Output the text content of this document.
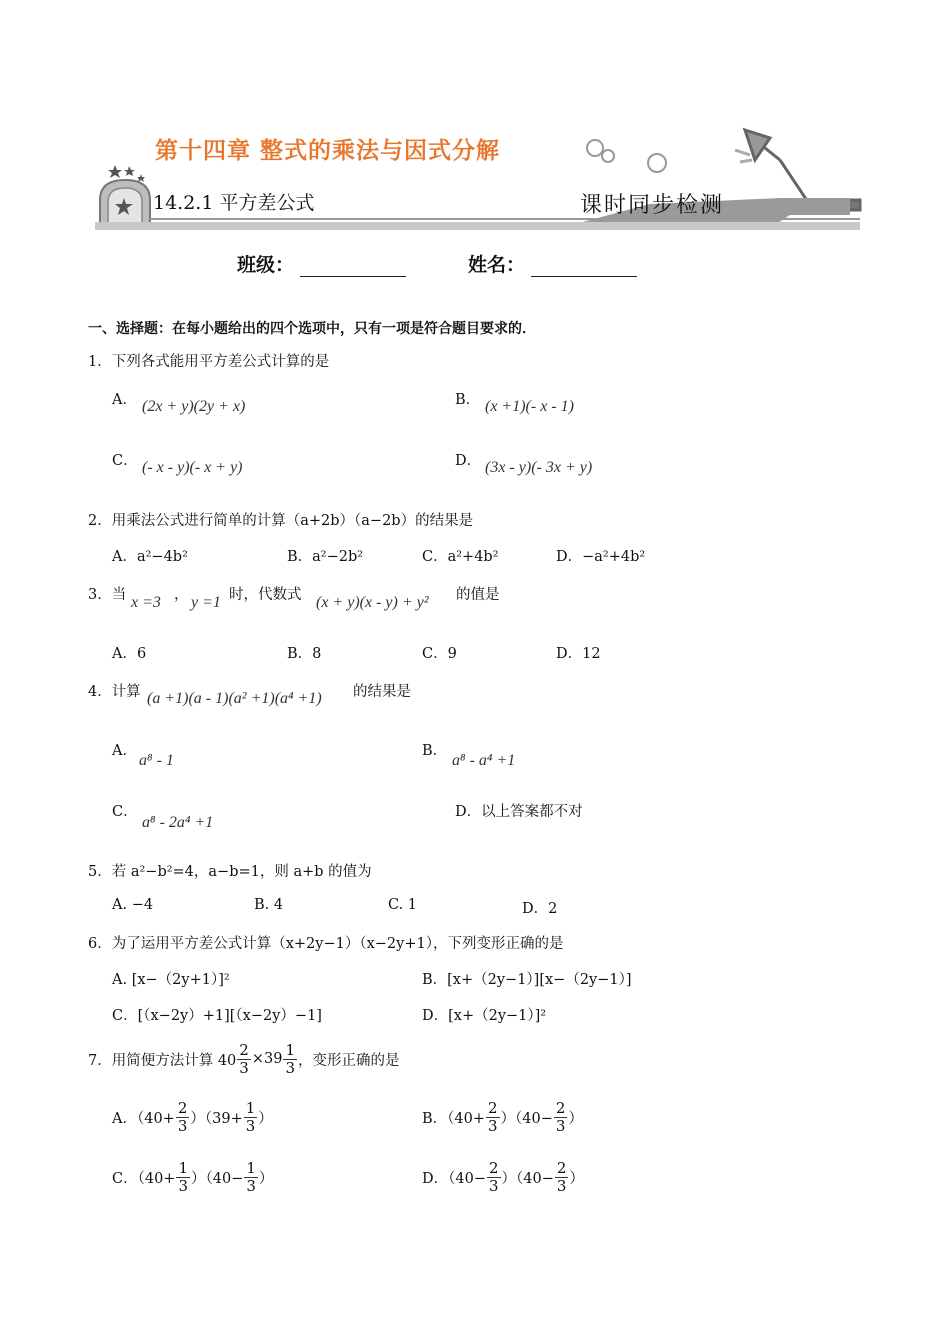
第十四章 整式的乘法与因式分解
14.2.1 平方差公式	课时同步检测
班级：	姓名：
一、选择题：在每小题给出的四个选项中，只有一项是符合题目要求的．
1．下列各式能用平方差公式计算的是
A． (2x + y)(2y + x)	B． (x +1)(- x - 1)
C． (- x - y)(- x + y)	D． (3x - y)(- 3x + y)
2．用乘法公式进行简单的计算（a+2b）（a−2b）的结果是
A．a²−4b²	B．a²−2b²	C．a²+4b²	D．−a²+4b²
3．当 x =3 ， y =1 时，代数式 (x + y)(x - y) + y² 的值是
A．6	B．8	C．9	D．12
4．计算 (a +1)(a - 1)(a² +1)(a⁴ +1) 的结果是
A．
a⁸ - 1
B．
a⁸ - a⁴ +1
C．
a⁸ - 2a⁴ +1
D．以上答案都不对
5．若 a²−b²=4，a−b=1，则 a+b 的值为
A. −4	B. 4	C. 1	D．2
6．为了运用平方差公式计算（x+2y−1）（x−2y+1），下列变形正确的是
A. [x−（2y+1）]²	B．[x+（2y−1）][x−（2y−1）]
C．[（x−2y）+1][（x−2y）−1]	D．[x+（2y−1）]²
7．用简便方法计算 $40 \frac{2}{3} \times 39 \frac{1}{3}$ ，变形正确的是
A．$(40+ \frac{2}{3} )(39+ \frac{1}{3}$ ）	B．$(40+ \frac{2}{3} )(40- \frac{2}{3}$ ）
C．$(40+ \frac{1}{3} )(40- \frac{1}{3}$ ）	D．$(40- \frac{2}{3} )(40- \frac{2}{3}$ ）
